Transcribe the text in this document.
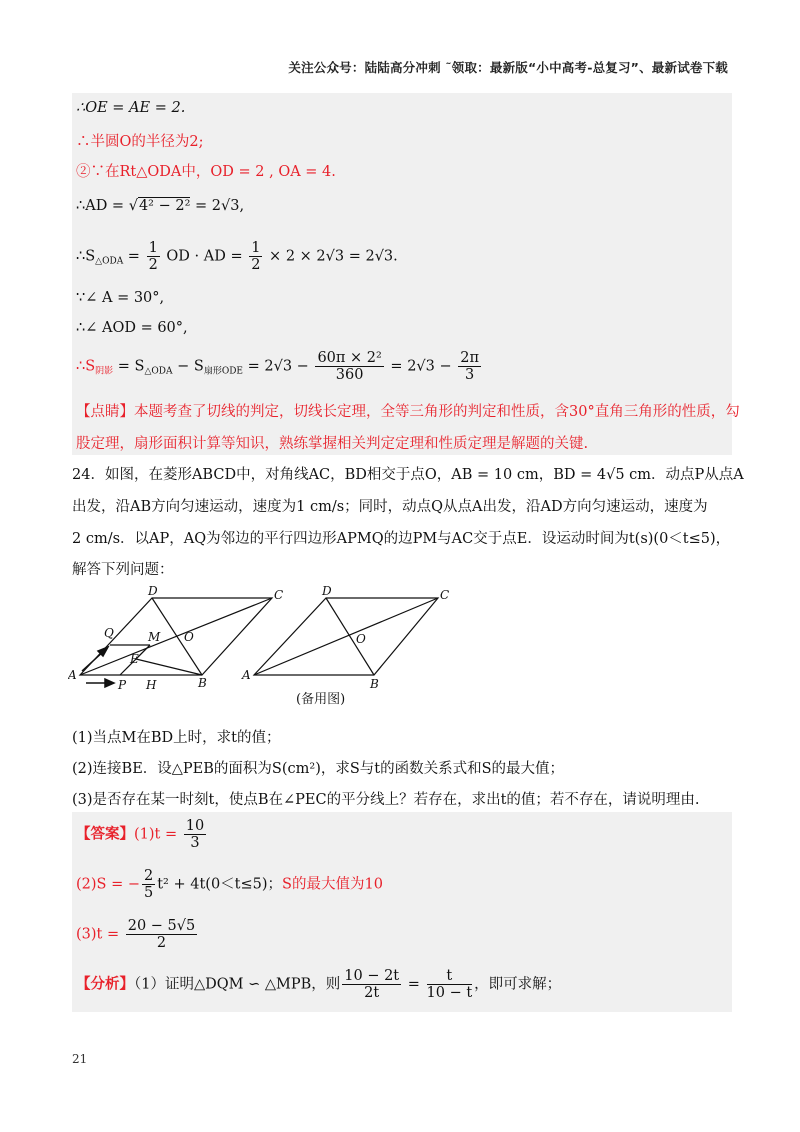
关注公众号：陆陆高分冲刺 ˜领取：最新版“小中高考-总复习”、最新试卷下载
∴OE = AE = 2.
∴半圆O的半径为2;
②∵在Rt△ODA中，OD = 2 , OA = 4.
∴AD = √4² − 2² = 2√3,
$\therefore S_{\triangle ODA} = \frac{1}{2}$ OD · AD = $\frac{1}{2} \times 2 \times 2√3 = 2√3$.
∵∠ A = 30°,
∴∠ AOD = 60°,
$\therefore S_{阴影} = S_{\triangle ODA} - S_{扇形ODE} = 2√3 - \frac{\text{60π × 2²}}{360} = 2√3 - \frac{2\pi}{3}$
【点睛】本题考查了切线的判定，切线长定理，全等三角形的判定和性质，含30°直角三角形的性质，勾
股定理，扇形面积计算等知识，熟练掌握相关判定定理和性质定理是解题的关键.
24．如图，在菱形ABCD中，对角线AC，BD相交于点O，AB = 10 cm，BD = 4√5 cm．动点P从点A
出发，沿AB方向匀速运动，速度为1 cm/s；同时，动点Q从点A出发，沿AD方向匀速运动，速度为
2 cm/s．以AP，AQ为邻边的平行四边形APMQ的边PM与AC交于点E．设运动时间为t(s)(0＜t≤5)，
解答下列问题：
A
B
C
D
O
Q	M
E
P H
A
B
C
D
O
(备用图)
(1)当点M在BD上时，求t的值；
(2)连接BE．设△PEB的面积为S(cm²)，求S与t的函数关系式和S的最大值；
(3)是否存在某一时刻t，使点B在∠PEC的平分线上？若存在，求出t的值；若不存在，请说明理由.
【答案】$(1)t = \frac{10}{3}$
(2)S = − $\frac{2}{5} t^2 + 4t(0<t\le 5)$；S的最大值为10
$(3)t = \frac{20 - 5√5}{2}$
【分析】（1）证明△DQM ∽ △MPB，则 $\frac{10 - 2t}{2t} = \frac{t}{10 - t}$ ，即可求解；
21
